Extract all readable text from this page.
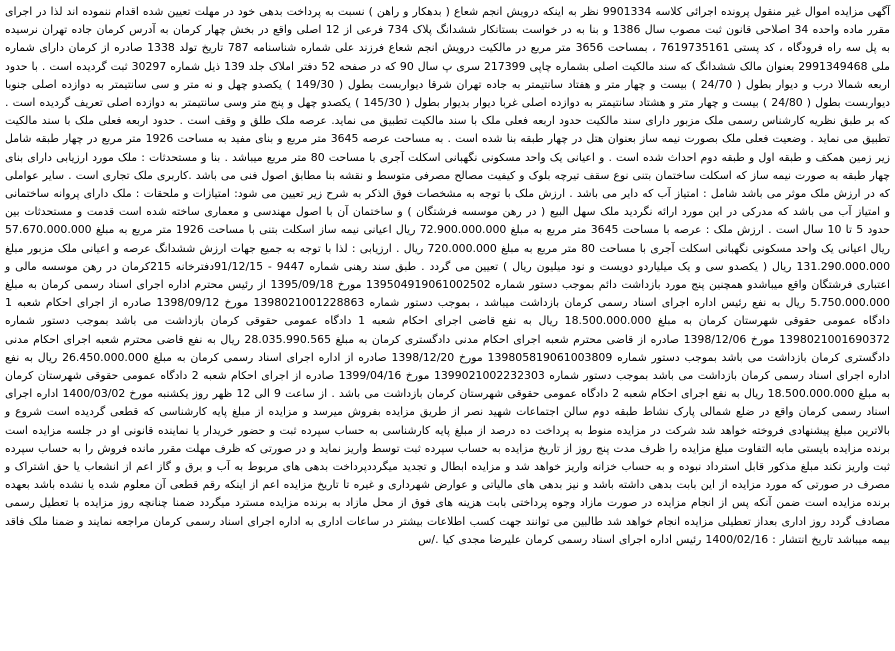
آگهی مزایده اموال غیر منقول پرونده اجرائی کلاسه 9901334 نظر به اینکه درویش انجم شعاع ( بدهکار و راهن ) نسبت به پرداخت بدهی خود در مهلت تعیین شده اقدام ننموده اند لذا در اجرای مقرر ماده واحده 34 اصلاحی قانون ثبت مصوب سال 1386 و بنا به در خواست بستانکار ششدانگ پلاک 734 فرعی از 12 اصلی واقع در بخش چهار کرمان به آدرس کرمان جاده تهران نرسیده به پل سه راه فرودگاه ، کد پستی 7619735161 ، بمساحت 3656 متر مربع در مالکیت درویش انجم شعاع فرزند علی شماره شناسنامه 787 تاریخ تولد 1338 صادره از کرمان دارای شماره ملی 2991349468 بعنوان مالک ششدانگ که سند مالکیت اصلی بشماره چاپی 217399 سری پ سال 90 که در صفحه 52 دفتر املاک جلد 139 ذیل شماره 30297 ثبت گردیده است . با حدود اربعه شمالا درب و دیوار بطول ( 24/70 ) بیست و چهار متر و هفتاد سانتیمتر به جاده تهران شرقا دیواربست بطول ( 149/30 ) یکصدو چهل و نه متر و سی سانتیمتر به دوازده اصلی جنوبا دیواربست بطول ( 24/80 ) بیست و چهار متر و هشتاد سانتیمتر به دوازده اصلی غربا دیوار بدیوار بطول ( 145/30 ) یکصدو چهل و پنج متر وسی سانتیمتر به دوازده اصلی تعریف گردیده است . که بر طبق نظریه کارشناس رسمی ملک مزبور دارای سند مالکیت حدود اربعه فعلی ملک با سند مالکیت تطبیق می نماید. عرصه ملک طلق و وقف است . حدود اربعه فعلی ملک با سند مالکیت تطبیق می نماید . وضعیت فعلی ملک بصورت نیمه ساز بعنوان هتل در چهار طبقه بنا شده است . به مساحت عرصه 3645 متر مربع و بنای مفید به مساحت 1926 متر مربع در چهار طبقه شامل زیر زمین همکف و طبقه اول و طبقه دوم احداث شده است . و اعیانی یک واحد مسکونی نگهبانی اسکلت آجری با مساحت 80 متر مربع میباشد . بنا و مستحدثات : ملک مورد ارزیابی دارای بنای چهار طبقه به صورت نیمه ساز که اسکلت ساختمان بتنی نوع سقف تیرچه بلوک و کیفیت مصالح مصرفی متوسط و نقشه بنا مطابق اصول فنی می باشد .کاربری ملک تجاری است . سایر عواملی که در ارزش ملک موثر می باشد شامل : امتیاز آب که دایر می باشد . ارزش ملک با توجه به مشخصات فوق الذکر به شرح زیر تعیین می شود: امتیازات و ملحقات : ملک دارای پروانه ساختمانی و امتیاز آب می باشد که مدرکی در این مورد ارائه نگردید ملک سهل البیع ( در رهن موسسه فرشتگان ) و ساختمان آن با اصول مهندسی و معماری ساخته شده است قدمت و مستحدثات بین حدود 5 تا 10 سال است . ارزش ملک : عرصه با مساحت 3645 متر مربع به مبلغ 72.900.000.000 ریال اعیانی نیمه ساز اسکلت بتنی با مساحت 1926 متر مربع به مبلغ 57.670.000.000 ریال اعیانی یک واحد مسکونی نگهبانی اسکلت آجری با مساحت 80 متر مربع به مبلغ 720.000.000 ریال . ارزیابی : لذا با توجه به جمیع جهات ارزش ششدانگ عرصه و اعیانی ملک مزبور مبلغ 131.290.000.000 ریال ( یکصدو سی و یک میلیاردو دویست و نود میلیون ریال ) تعیین می گردد . طبق سند رهنی شماره 9447 - 91/12/15دفترخانه 215کرمان در رهن موسسه مالی و اعتباری فرشتگان واقع میباشدو همچنین پنج مورد بازداشت دائم بموجب دستور شماره 13950491906100250​2 مورخ 1395/09/18 از رئیس محترم اداره اجرای اسناد رسمی کرمان به مبلغ 5.750.000.000 ریال به نفع رئیس اداره اجرای اسناد رسمی کرمان بازداشت میباشد ، بموجب دستور شماره 1398021001228863 مورخ 1398/09/12 صادره از اجرای احکام شعبه 1 دادگاه عمومی حقوقی شهرستان کرمان به مبلغ 18.500.000.000 ریال به نفع قاضی اجرای احکام شعبه 1 دادگاه عمومی حقوقی کرمان بازداشت می باشد بموجب دستور شماره 1398021001690372 مورخ 1398/12/06 صادره از قاضی محترم شعبه اجرای احکام مدنی دادگستری کرمان به مبلغ 28.035.990.565 ریال به نفع قاضی محترم شعبه اجرای احکام مدنی دادگستری کرمان بازداشت می باشد بموجب دستور شماره 13980581906100380​9 مورخ 1398/12/20 صادره از اداره اجرای اسناد رسمی کرمان به مبلغ 26.450.000.000 ریال به نفع اداره اجرای اسناد رسمی کرمان بازداشت می باشد بموجب دستور شماره 1399021002232303 مورخ 1399/04/16 صادره از اجرای احکام شعبه 2 دادگاه عمومی حقوقی شهرستان کرمان به مبلغ 18.500.000.000 ریال به نفع اجرای احکام شعبه 2 دادگاه عمومی حقوقی شهرستان کرمان بازداشت می باشد . از ساعت 9 الی 12 ظهر روز یکشنبه مورخ 1400/03/02 اداره اجرای اسناد رسمی کرمان واقع در ضلع شمالی پارک نشاط طبقه دوم سالن اجتماعات شهید نصر از طریق مزایده بفروش میرسد و مزایده از مبلغ پایه کارشناسی که قطعی گردیده است شروع و بالاترین مبلغ پیشنهادی فروخته خواهد شد شرکت در مزایده منوط به پرداخت ده درصد از مبلغ پایه کارشناسی به حساب سپرده ثبت و حضور خریدار یا نماینده قانونی او در جلسه مزایده است برنده مزایده بایستی مابه التفاوت مبلغ مزایده را ظرف مدت پنج روز از تاریخ مزایده به حساب سپرده ثبت توسط واریز نماید و در صورتی که ظرف مهلت مقرر مانده فروش را به حساب سپرده ثبت واریز نکند مبلغ مذکور قابل استرداد نبوده و به حساب خزانه واریز خواهد شد و مزایده ابطال و تجدید میگرددپرداخت بدهی های مربوط به آب و برق و گاز اعم از انشعاب یا حق اشتراک و مصرف در صورتی که مورد مزایده از این بابت بدهی داشته باشد و نیز بدهی های مالیاتی و عوارض شهرداری و غیره تا تاریخ مزایده اعم از اینکه رقم قطعی آن معلوم شده یا نشده باشد بعهده برنده مزایده است ضمن آنکه پس از انجام مزایده در صورت مازاد وجوه پرداختی بابت هزینه های فوق از محل مازاد به برنده مزایده مسترد میگردد ضمنا چنانچه روز مزایده با تعطیل رسمی مصادف گردد روز اداری بعداز تعطیلی مزایده انجام خواهد شد طالبین می توانند جهت کسب اطلاعات بیشتر در ساعات اداری به اداره اجرای اسناد رسمی کرمان مراجعه نمایند و ضمنا ملک فاقد بیمه میباشد تاریخ انتشار : 1400/02/16 رئیس اداره اجرای اسناد رسمی کرمان علیرضا مجدی کیا ./س
